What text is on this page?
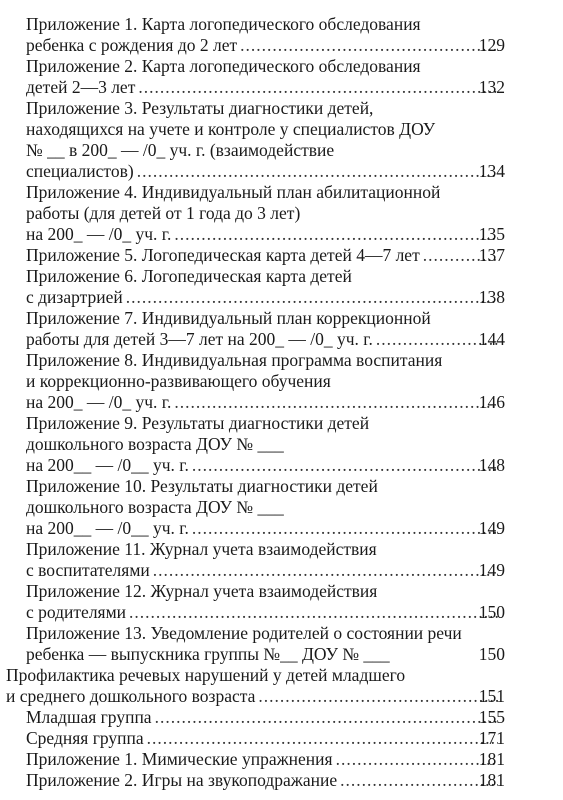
Приложение 1. Карта логопедического обследования
ребенка с рождения до 2 лет .....	129
Приложение 2. Карта логопедического обследования
детей 2—3 лет .....	132
Приложение 3. Результаты диагностики детей,
находящихся на учете и контроле у специалистов ДОУ
№ __ в 200_ — /0_ уч. г. (взаимодействие
специалистов) .....	134
Приложение 4. Индивидуальный план абилитационной
работы (для детей от 1 года до 3 лет)
на 200_ — /0_ уч. г. .....	135
Приложение 5. Логопедическая карта детей 4—7 лет .....	137
Приложение 6. Логопедическая карта детей
с дизартрией .....	138
Приложение 7. Индивидуальный план коррекционной
работы для детей 3—7 лет на 200_ — /0_ уч. г. .....	144
Приложение 8. Индивидуальная программа воспитания
и коррекционно-развивающего обучения
на 200_ — /0_ уч. г. .....	146
Приложение 9. Результаты диагностики детей
дошкольного возраста ДОУ № ___
на 200__ — /0__ уч. г. .....	148
Приложение 10. Результаты диагностики детей
дошкольного возраста ДОУ № ___
на 200__ — /0__ уч. г. .....	149
Приложение 11. Журнал учета взаимодействия
с воспитателями .....	149
Приложение 12. Журнал учета взаимодействия
с родителями .....	150
Приложение 13. Уведомление родителей о состоянии речи
ребенка — выпускника группы №__ ДОУ № ___	150
Профилактика речевых нарушений у детей младшего
и среднего дошкольного возраста .....	151
Младшая группа .....	155
Средняя группа .....	171
Приложение 1. Мимические упражнения .....	181
Приложение 2. Игры на звукоподражание .....	181
